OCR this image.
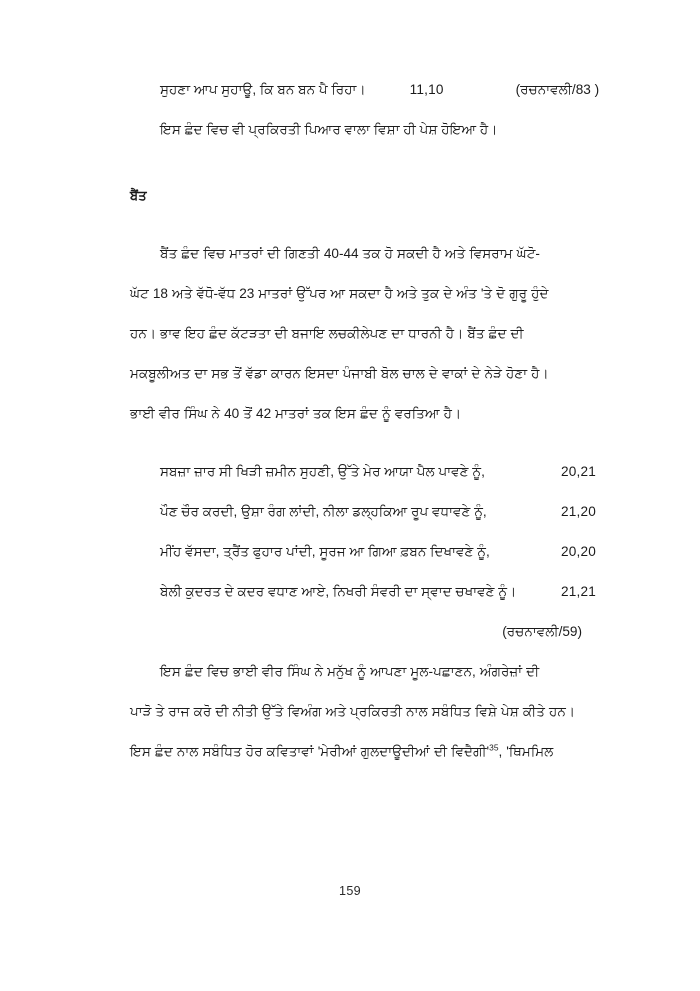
ਸੁਹਣਾ ਆਪ ਸੁਹਾਊ, ਕਿ ਬਨ ਬਨ ਪੈ ਰਿਹਾ।	11,10	(ਰਚਨਾਵਲੀ/83 )
ਇਸ ਛੰਦ ਵਿਚ ਵੀ ਪ੍ਰਕਿਰਤੀ ਪਿਆਰ ਵਾਲਾ ਵਿਸ਼ਾ ਹੀ ਪੇਸ਼ ਹੋਇਆ ਹੈ।
ਬੈਂਤ
ਬੈਂਤ ਛੰਦ ਵਿਚ ਮਾਤਰਾਂ ਦੀ ਗਿਣਤੀ 40-44 ਤਕ ਹੋ ਸਕਦੀ ਹੈ ਅਤੇ ਵਿਸਰਾਮ ਘੱਟੋ-
ਘੱਟ 18 ਅਤੇ ਵੱਧੋ-ਵੱਧ 23 ਮਾਤਰਾਂ ਉੱਪਰ ਆ ਸਕਦਾ ਹੈ ਅਤੇ ਤੁਕ ਦੇ ਅੰਤ 'ਤੇ ਦੋ ਗੁਰੂ ਹੁੰਦੇ
ਹਨ। ਭਾਵ ਇਹ ਛੰਦ ਕੱਟੜਤਾ ਦੀ ਬਜਾਇ ਲਚਕੀਲੇਪਣ ਦਾ ਧਾਰਨੀ ਹੈ। ਬੈਂਤ ਛੰਦ ਦੀ
ਮਕਬੂਲੀਅਤ ਦਾ ਸਭ ਤੋਂ ਵੱਡਾ ਕਾਰਨ ਇਸਦਾ ਪੰਜਾਬੀ ਬੋਲ ਚਾਲ ਦੇ ਵਾਕਾਂ ਦੇ ਨੇੜੇ ਹੋਣਾ ਹੈ।
ਭਾਈ ਵੀਰ ਸਿੰਘ ਨੇ 40 ਤੋਂ 42 ਮਾਤਰਾਂ ਤਕ ਇਸ ਛੰਦ ਨੂੰ ਵਰਤਿਆ ਹੈ।
ਸਬਜ਼ਾ ਜ਼ਾਰ ਸੀ ਖਿੜੀ ਜ਼ਮੀਨ ਸੁਹਣੀ, ਉੱਤੇ ਮੇਰ ਆਯਾ ਪੈਲ ਪਾਵਣੇ ਨੂੰ,	20,21
ਪੌਣ ਚੌਰ ਕਰਦੀ, ਉੁਸ਼ਾ ਰੰਗ ਲਾਂਦੀ, ਨੀਲਾ ਡਲ੍ਹਕਿਆ ਰੂਪ ਵਧਾਵਣੇ ਨੂੰ,	21,20
ਮੀਂਹ ਵੱਸਦਾ, ਤ੍ਰੈਂਤ ਫੁਹਾਰ ਪਾਂਦੀ, ਸੂਰਜ ਆ ਗਿਆ ਫ਼ਬਨ ਦਿਖਾਵਣੇ ਨੂੰ,	20,20
ਬੇਲੀ ਕੁਦਰਤ ਦੇ ਕਦਰ ਵਧਾਣ ਆਏ, ਨਿਖਰੀ ਸੰਵਰੀ ਦਾ ਸ੍ਵਾਦ ਚਖਾਵਣੇ ਨੂੰ।	21,21
(ਰਚਨਾਵਲੀ/59)
ਇਸ ਛੰਦ ਵਿਚ ਭਾਈ ਵੀਰ ਸਿੰਘ ਨੇ ਮਨੁੱਖ ਨੂੰ ਆਪਣਾ ਮੂਲ-ਪਛਾਣਨ, ਅੰਗਰੇਜ਼ਾਂ ਦੀ
ਪਾੜੋ ਤੇ ਰਾਜ ਕਰੋ ਦੀ ਨੀਤੀ ਉੱਤੇ ਵਿਅੰਗ ਅਤੇ ਪ੍ਰਕਿਰਤੀ ਨਾਲ ਸਬੰਧਿਤ ਵਿਸ਼ੇ ਪੇਸ਼ ਕੀਤੇ ਹਨ।
ਇਸ ਛੰਦ ਨਾਲ ਸਬੰਧਿਤ ਹੋਰ ਕਵਿਤਾਵਾਂ 'ਮੇਰੀਆਂ ਗੁਲਦਾਊਦੀਆਂ ਦੀ ਵਿਦੈਗੀ'$^{35}$, 'ਥਿਮਮਿਲ
159
